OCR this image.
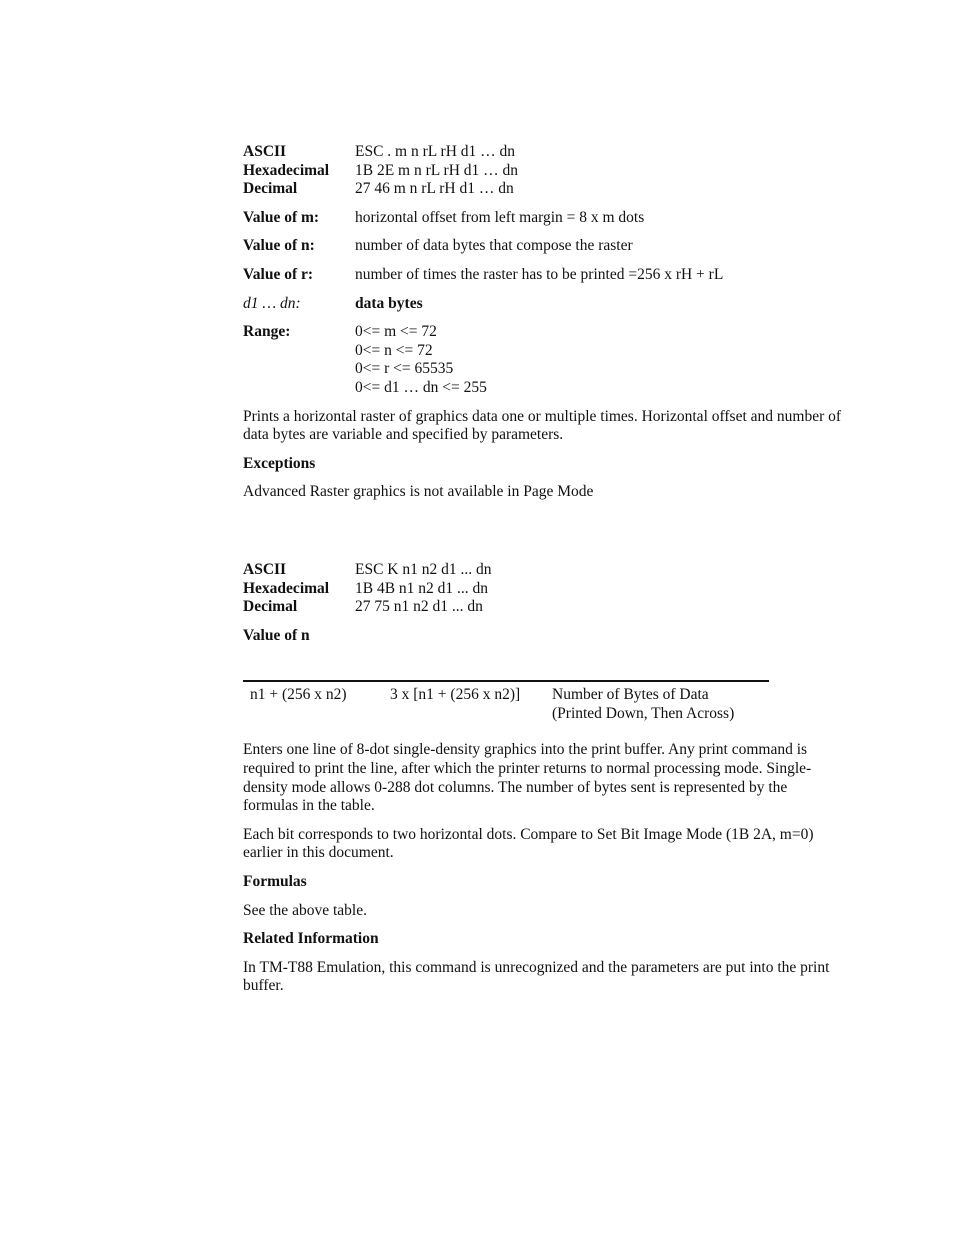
ASCII	ESC . m n rL rH d1 … dn
Hexadecimal	1B 2E m n rL rH d1 … dn
Decimal	27 46 m n rL rH d1 … dn
Value of m:	horizontal offset from left margin = 8 x m dots
Value of n:	number of data bytes that compose the raster
Value of r:	number of times the raster has to be printed =256 x rH + rL
d1 … dn:	data bytes
Range:	0<= m <= 72
0<= n <= 72
0<= r <= 65535
0<= d1 … dn <= 255

Prints a horizontal raster of graphics data one or multiple times. Horizontal offset and number of data bytes are variable and specified by parameters.

Exceptions

Advanced Raster graphics is not available in Page Mode

ASCII	ESC K n1 n2 d1 ... dn
Hexadecimal	1B 4B n1 n2 d1 ... dn
Decimal	27 75 n1 n2 d1 ... dn
Value of n
n1 + (256 x n2)	3 x [n1 + (256 x n2)]	Number of Bytes of Data
(Printed Down, Then Across)

Enters one line of 8-dot single-density graphics into the print buffer. Any print command is required to print the line, after which the printer returns to normal processing mode. Single-density mode allows 0-288 dot columns. The number of bytes sent is represented by the formulas in the table.

Each bit corresponds to two horizontal dots. Compare to Set Bit Image Mode (1B 2A, m=0) earlier in this document.

Formulas

See the above table.

Related Information

In TM-T88 Emulation, this command is unrecognized and the parameters are put into the print buffer.
